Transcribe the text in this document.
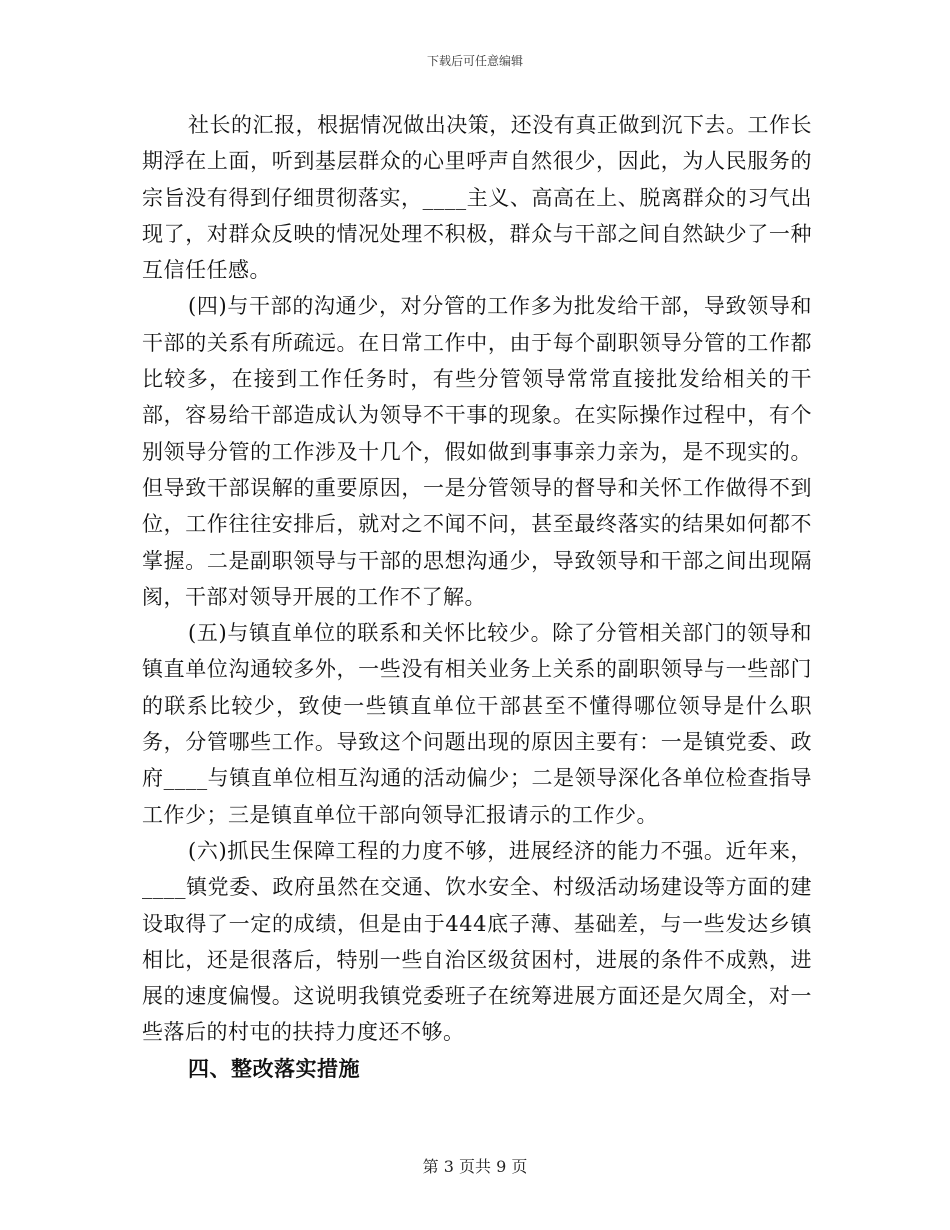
下载后可任意编辑

社长的汇报，根据情况做出决策，还没有真正做到沉下去。工作长期浮在上面，听到基层群众的心里呼声自然很少，因此，为人民服务的宗旨没有得到仔细贯彻落实，____主义、高高在上、脱离群众的习气出现了，对群众反映的情况处理不积极，群众与干部之间自然缺少了一种互信任任感。

(四)与干部的沟通少，对分管的工作多为批发给干部，导致领导和干部的关系有所疏远。在日常工作中，由于每个副职领导分管的工作都比较多，在接到工作任务时，有些分管领导常常直接批发给相关的干部，容易给干部造成认为领导不干事的现象。在实际操作过程中，有个别领导分管的工作涉及十几个，假如做到事事亲力亲为，是不现实的。但导致干部误解的重要原因，一是分管领导的督导和关怀工作做得不到位，工作往往安排后，就对之不闻不问，甚至最终落实的结果如何都不掌握。二是副职领导与干部的思想沟通少，导致领导和干部之间出现隔阂，干部对领导开展的工作不了解。

(五)与镇直单位的联系和关怀比较少。除了分管相关部门的领导和镇直单位沟通较多外，一些没有相关业务上关系的副职领导与一些部门的联系比较少，致使一些镇直单位干部甚至不懂得哪位领导是什么职务，分管哪些工作。导致这个问题出现的原因主要有：一是镇党委、政府____与镇直单位相互沟通的活动偏少；二是领导深化各单位检查指导工作少；三是镇直单位干部向领导汇报请示的工作少。

(六)抓民生保障工程的力度不够，进展经济的能力不强。近年来，____镇党委、政府虽然在交通、饮水安全、村级活动场建设等方面的建设取得了一定的成绩，但是由于444底子薄、基础差，与一些发达乡镇相比，还是很落后，特别一些自治区级贫困村，进展的条件不成熟，进展的速度偏慢。这说明我镇党委班子在统筹进展方面还是欠周全，对一些落后的村屯的扶持力度还不够。

四、整改落实措施

第 3 页共 9 页
